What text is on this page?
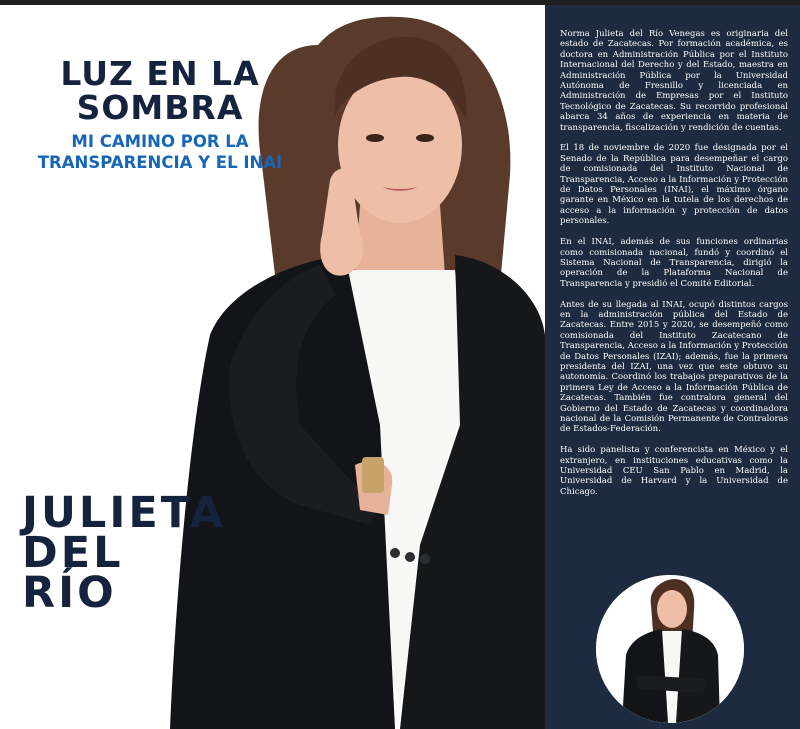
LUZ EN LA SOMBRA
MI CAMINO POR LA TRANSPARENCIA Y EL INAI
JULIETA
DEL
RÍO

Norma Julieta del Río Venegas es originaria del estado de Zacatecas. Por formación académica, es doctora en Administración Pública por el Instituto Internacional del Derecho y del Estado, maestra en Administración Pública por la Universidad Autónoma de Fresnillo y licenciada en Administración de Empresas por el Instituto Tecnológico de Zacatecas. Su recorrido profesional abarca 34 años de experiencia en materia de transparencia, fiscalización y rendición de cuentas.

El 18 de noviembre de 2020 fue designada por el Senado de la República para desempeñar el cargo de comisionada del Instituto Nacional de Transparencia, Acceso a la Información y Protección de Datos Personales (INAI), el máximo órgano garante en México en la tutela de los derechos de acceso a la información y protección de datos personales.

En el INAI, además de sus funciones ordinarias como comisionada nacional, fundó y coordinó el Sistema Nacional de Transparencia, dirigió la operación de la Plataforma Nacional de Transparencia y presidió el Comité Editorial.

Antes de su llegada al INAI, ocupó distintos cargos en la administración pública del Estado de Zacatecas. Entre 2015 y 2020, se desempeñó como comisionada del Instituto Zacatecano de Transparencia, Acceso a la Información y Protección de Datos Personales (IZAI); además, fue la primera presidenta del IZAI, una vez que este obtuvo su autonomía. Coordinó los trabajos preparativos de la primera Ley de Acceso a la Información Pública de Zacatecas. También fue contralora general del Gobierno del Estado de Zacatecas y coordinadora nacional de la Comisión Permanente de Contraloras de Estados-Federación.

Ha sido panelista y conferencista en México y el extranjero, en instituciones educativas como la Universidad CEU San Pablo en Madrid, la Universidad de Harvard y la Universidad de Chicago.
